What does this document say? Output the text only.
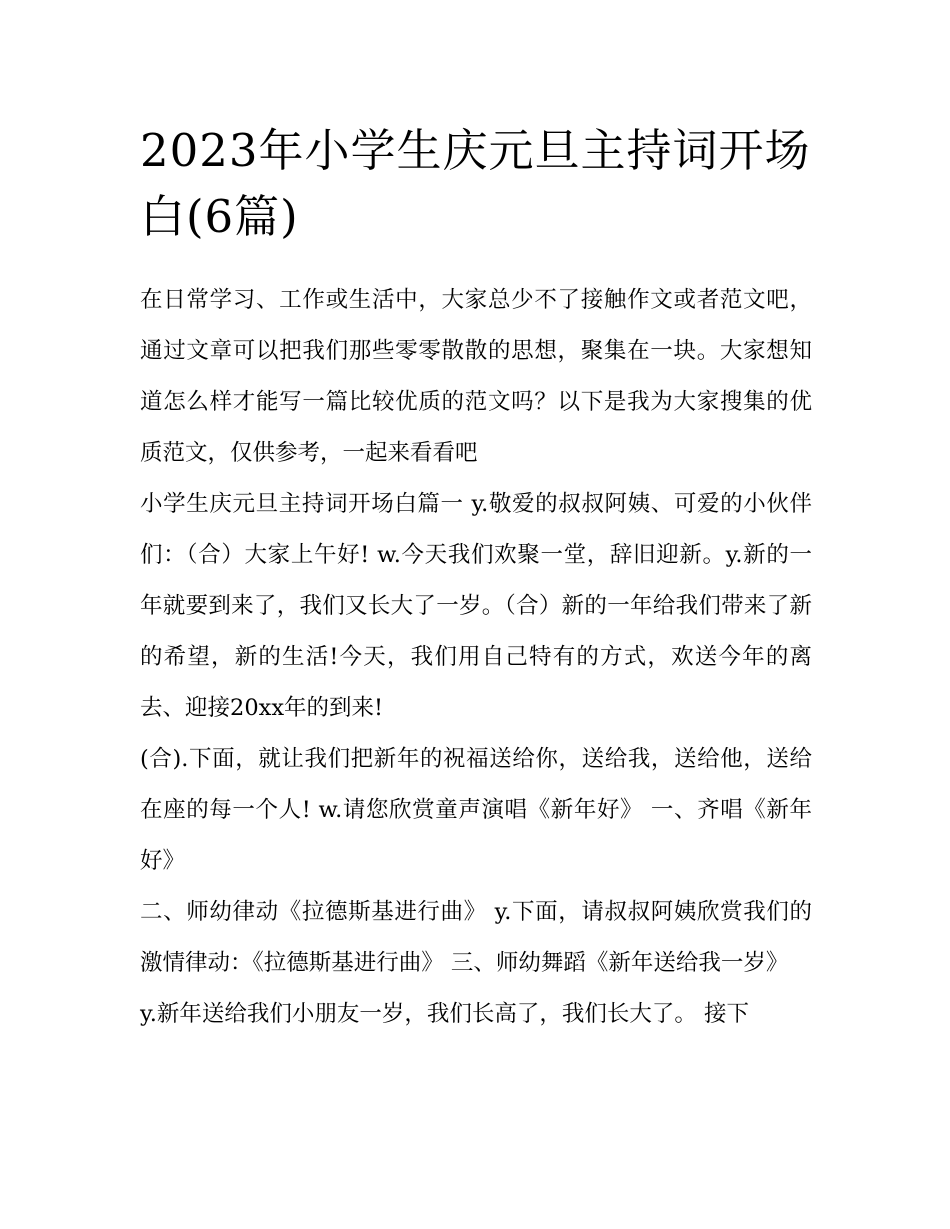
2023年小学生庆元旦主持词开场白(6篇)

在日常学习、工作或生活中，大家总少不了接触作文或者范文吧，通过文章可以把我们那些零零散散的思想，聚集在一块。大家想知道怎么样才能写一篇比较优质的范文吗？以下是我为大家搜集的优质范文，仅供参考，一起来看看吧

小学生庆元旦主持词开场白篇一 y.敬爱的叔叔阿姨、可爱的小伙伴们：（合）大家上午好! w.今天我们欢聚一堂，辞旧迎新。y.新的一年就要到来了，我们又长大了一岁。（合）新的一年给我们带来了新的希望，新的生活!今天，我们用自己特有的方式，欢送今年的离去、迎接20xx年的到来!

(合).下面，就让我们把新年的祝福送给你，送给我，送给他，送给在座的每一个人! w.请您欣赏童声演唱《新年好》 一、齐唱《新年好》

二、师幼律动《拉德斯基进行曲》 y.下面，请叔叔阿姨欣赏我们的激情律动：《拉德斯基进行曲》 三、师幼舞蹈《新年送给我一岁》

y.新年送给我们小朋友一岁，我们长高了，我们长大了。 接下
